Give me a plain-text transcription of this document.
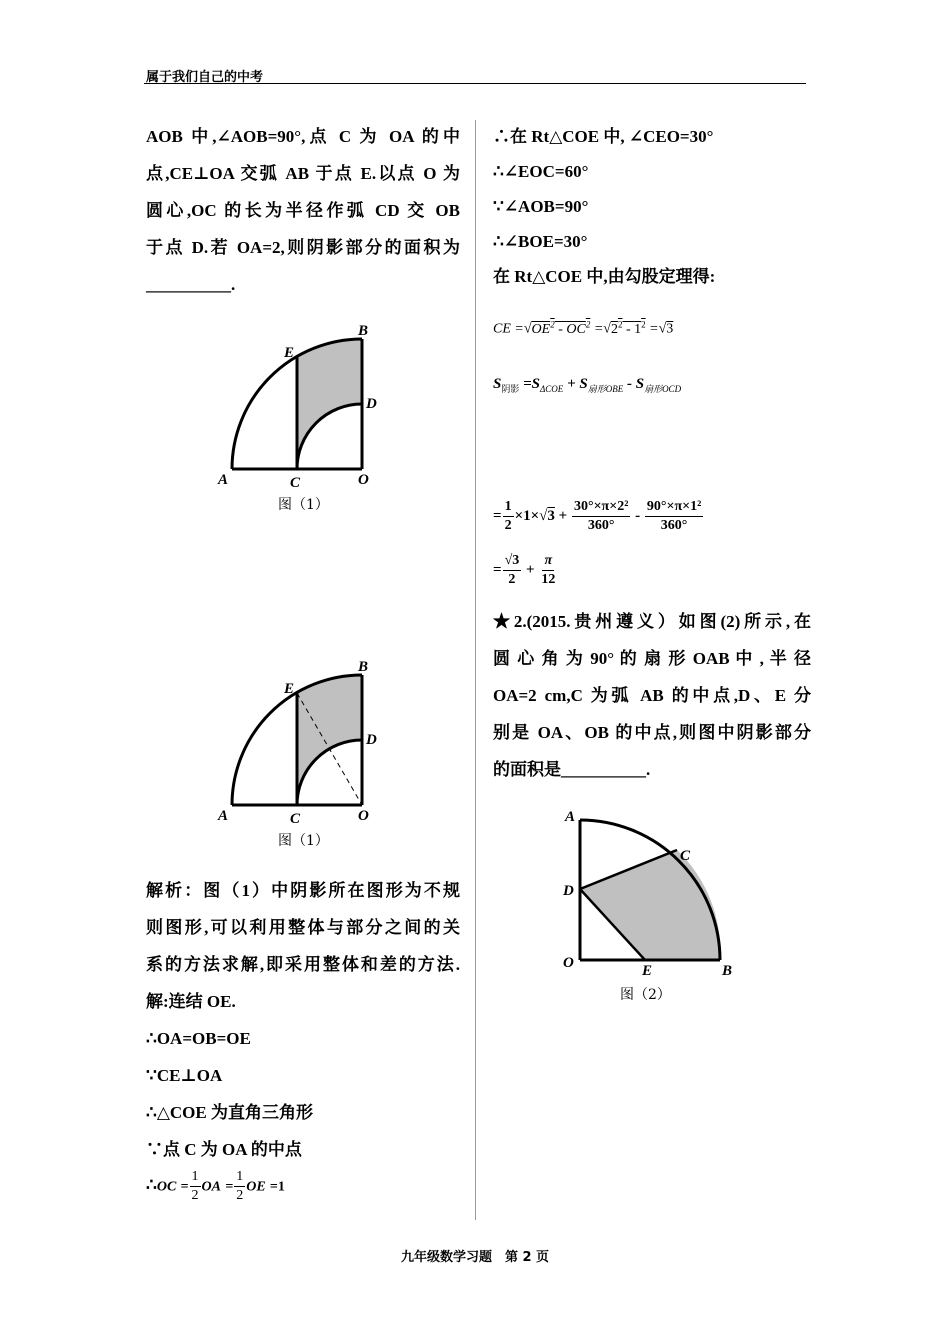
属于我们自己的中考
AOB 中,∠AOB=90°,点 C 为 OA 的中
点,CE⊥OA 交弧 AB 于点 E.以点 O 为
圆心,OC 的长为半径作弧 CD 交 OB
于点 D.若 OA=2,则阴影部分的面积为
__________.
A
B
C
D
E
O
图（1）
A
B
C
D
E
O
图（1）
解析：图（1）中阴影所在图形为不规
则图形,可以利用整体与部分之间的关
系的方法求解,即采用整体和差的方法.
解:连结 OE.
∴OA=OB=OE
∵CE⊥OA
∴△COE 为直角三角形
∵点 C 为 OA 的中点
∴OC = $\frac{1}{2}$ OA = $\frac{1}{2}$ OE =1
∴在 Rt△COE 中, ∠CEO=30°
∴∠EOC=60°
∵∠AOB=90°
∴∠BOE=30°
在 Rt△COE 中,由勾股定理得:
CE $=√OE^2 - OC^2 =√2^2 - 1^2 =√3$
$S_{阴影} =S_{\Delta COE} + S_{扇形OBE} - S_{扇形OCD}$
= $\frac{1}{2} \times 1\times√3 + \frac{\text{30°×π×2²}}{360^\circ} - \frac{\text{90°×π×1²}}{360^\circ}$
= $\frac{√3}{2} + \frac{\pi}{12}$
★2.(2015.贵州遵义）如图(2)所示,在
圆 心 角 为 90° 的 扇 形 OAB 中 , 半 径
OA=2 cm,C 为弧 AB 的中点,D、E 分
别是 OA、OB 的中点,则图中阴影部分
的面积是__________.
A
C
D
O	E	B
图（2）
九年级数学习题　第 2 页
